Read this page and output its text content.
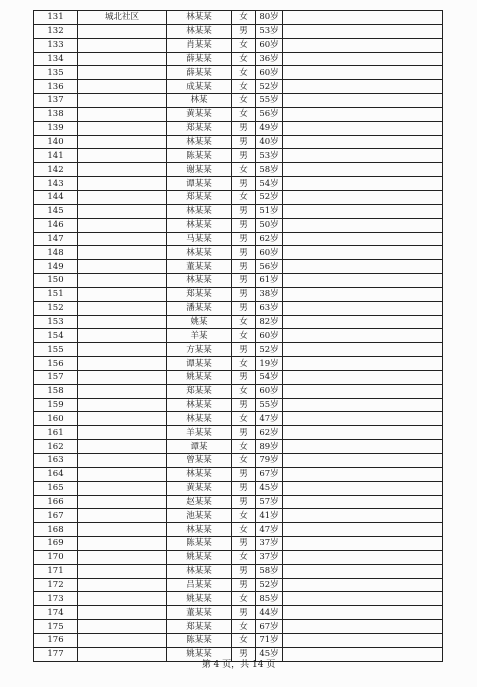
131	城北社区	林某某	女	80岁	
132		林某某	男	53岁	
133		肖某某	女	60岁	
134		薛某某	女	36岁	
135		薛某某	女	60岁	
136		成某某	女	52岁	
137		林某	女	55岁	
138		黄某某	女	56岁	
139		郑某某	男	49岁	
140		林某某	男	40岁	
141		陈某某	男	53岁	
142		谢某某	女	58岁	
143		谭某某	男	54岁	
144		郑某某	女	52岁	
145		林某某	男	51岁	
146		林某某	男	50岁	
147		马某某	男	62岁	
148		林某某	男	60岁	
149		董某某	男	56岁	
150		林某某	男	61岁	
151		郑某某	男	38岁	
152		潘某某	男	63岁	
153		姚某	女	82岁	
154		羊某	女	60岁	
155		方某某	男	52岁	
156		谭某某	女	19岁	
157		姚某某	男	54岁	
158		郑某某	女	60岁	
159		林某某	男	55岁	
160		林某某	女	47岁	
161		羊某某	男	62岁	
162		谭某	女	89岁	
163		曾某某	女	79岁	
164		林某某	男	67岁	
165		黄某某	男	45岁	
166		赵某某	男	57岁	
167		池某某	女	41岁	
168		林某某	女	47岁	
169		陈某某	男	37岁	
170		姚某某	女	37岁	
171		林某某	男	58岁	
172		吕某某	男	52岁	
173		姚某某	女	85岁	
174		董某某	男	44岁	
175		郑某某	女	67岁	
176		陈某某	女	71岁	
177		姚某某	男	45岁	
第 4 页，共 14 页
